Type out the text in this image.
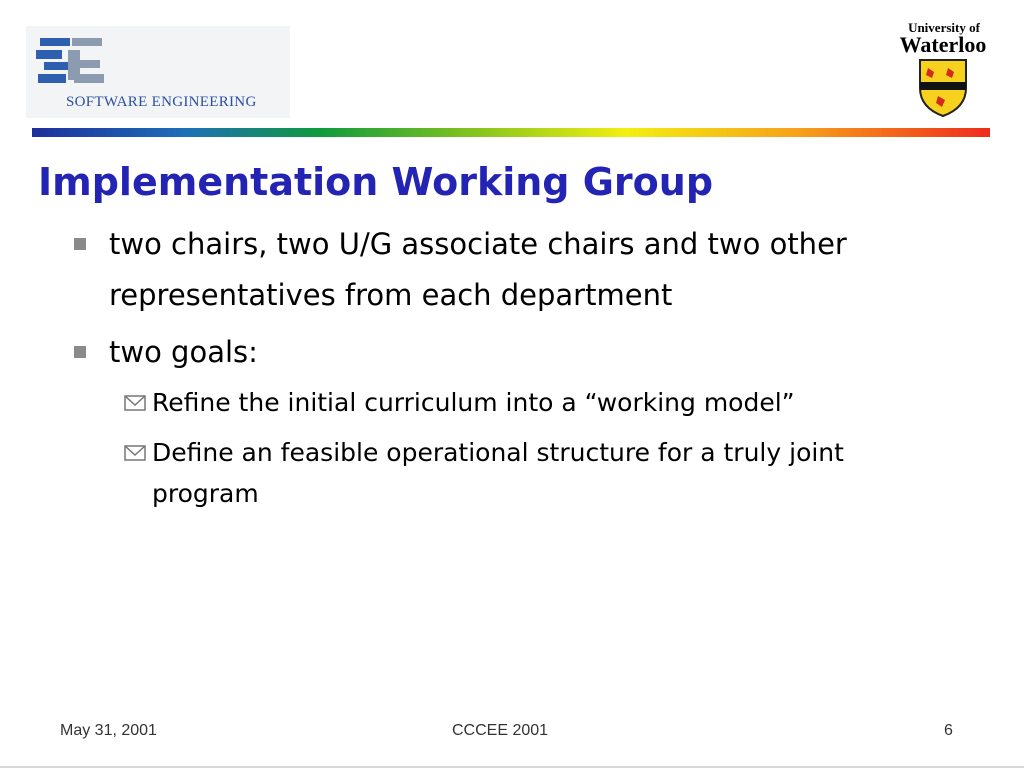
SOFTWARE ENGINEERING
University of
Waterloo
Implementation Working Group

two chairs, two U/G associate chairs and two other representatives from each department

two goals:

Refine the initial curriculum into a “working model”

Define an feasible operational structure for a truly joint program

May 31, 2001	CCCEE 2001	6
